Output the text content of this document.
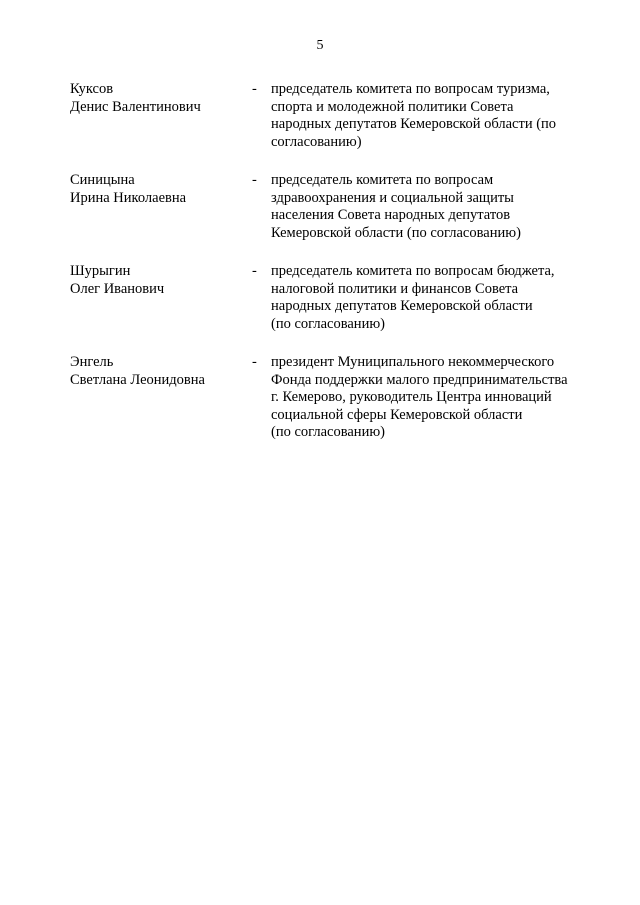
5
Куксов
Денис Валентинович
- председатель комитета по вопросам туризма,
спорта и молодежной политики Совета
народных депутатов Кемеровской области (по
согласованию)
Синицына
Ирина Николаевна
- председатель комитета по вопросам
здравоохранения и социальной защиты
населения Совета народных депутатов
Кемеровской области (по согласованию)
Шурыгин
Олег Иванович
- председатель комитета по вопросам бюджета,
налоговой политики и финансов Совета
народных депутатов Кемеровской области
(по согласованию)
Энгель
Светлана Леонидовна
- президент Муниципального некоммерческого
Фонда поддержки малого предпринимательства
г. Кемерово, руководитель Центра инноваций
социальной сферы Кемеровской области
(по согласованию)
